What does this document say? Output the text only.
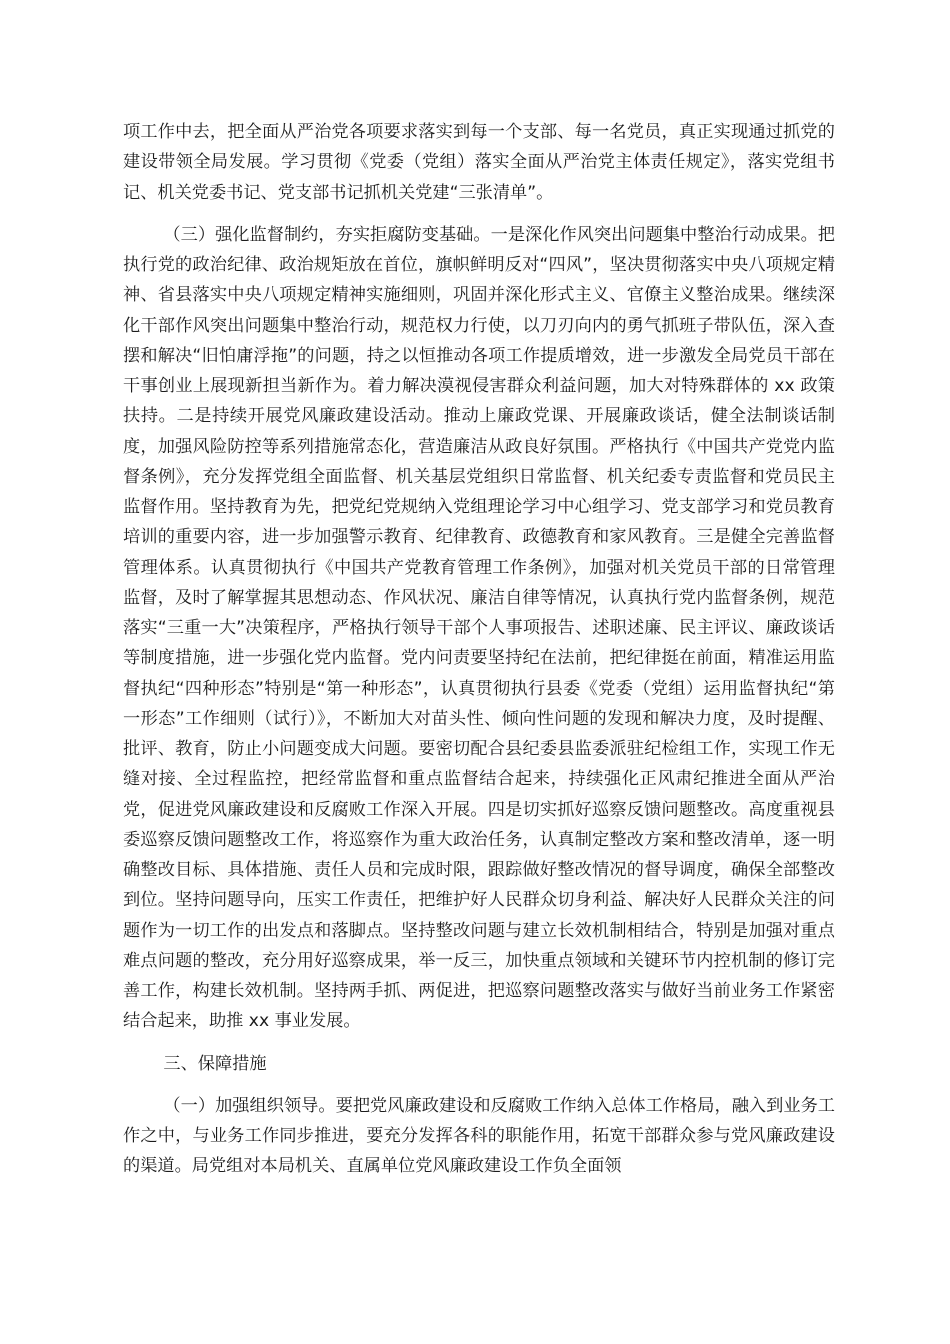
项工作中去，把全面从严治党各项要求落实到每一个支部、每一名党员，真正实现通过抓党的建设带领全局发展。学习贯彻《党委（党组）落实全面从严治党主体责任规定》，落实党组书记、机关党委书记、党支部书记抓机关党建“三张清单”。

（三）强化监督制约，夯实拒腐防变基础。一是深化作风突出问题集中整治行动成果。把执行党的政治纪律、政治规矩放在首位，旗帜鲜明反对“四风”，坚决贯彻落实中央八项规定精神、省县落实中央八项规定精神实施细则，巩固并深化形式主义、官僚主义整治成果。继续深化干部作风突出问题集中整治行动，规范权力行使，以刀刃向内的勇气抓班子带队伍，深入查摆和解决“旧怕庸浮拖”的问题，持之以恒推动各项工作提质增效，进一步激发全局党员干部在干事创业上展现新担当新作为。着力解决漠视侵害群众利益问题，加大对特殊群体的 xx 政策扶持。二是持续开展党风廉政建设活动。推动上廉政党课、开展廉政谈话，健全法制谈话制度，加强风险防控等系列措施常态化，营造廉洁从政良好氛围。严格执行《中国共产党党内监督条例》，充分发挥党组全面监督、机关基层党组织日常监督、机关纪委专责监督和党员民主监督作用。坚持教育为先，把党纪党规纳入党组理论学习中心组学习、党支部学习和党员教育培训的重要内容，进一步加强警示教育、纪律教育、政德教育和家风教育。三是健全完善监督管理体系。认真贯彻执行《中国共产党教育管理工作条例》，加强对机关党员干部的日常管理监督，及时了解掌握其思想动态、作风状况、廉洁自律等情况，认真执行党内监督条例，规范落实“三重一大”决策程序，严格执行领导干部个人事项报告、述职述廉、民主评议、廉政谈话等制度措施，进一步强化党内监督。党内问责要坚持纪在法前，把纪律挺在前面，精准运用监督执纪“四种形态”特别是“第一种形态”，认真贯彻执行县委《党委（党组）运用监督执纪“第一形态”工作细则（试行）》，不断加大对苗头性、倾向性问题的发现和解决力度，及时提醒、批评、教育，防止小问题变成大问题。要密切配合县纪委县监委派驻纪检组工作，实现工作无缝对接、全过程监控，把经常监督和重点监督结合起来，持续强化正风肃纪推进全面从严治党，促进党风廉政建设和反腐败工作深入开展。四是切实抓好巡察反馈问题整改。高度重视县委巡察反馈问题整改工作，将巡察作为重大政治任务，认真制定整改方案和整改清单，逐一明确整改目标、具体措施、责任人员和完成时限，跟踪做好整改情况的督导调度，确保全部整改到位。坚持问题导向，压实工作责任，把维护好人民群众切身利益、解决好人民群众关注的问题作为一切工作的出发点和落脚点。坚持整改问题与建立长效机制相结合，特别是加强对重点难点问题的整改，充分用好巡察成果，举一反三，加快重点领域和关键环节内控机制的修订完善工作，构建长效机制。坚持两手抓、两促进，把巡察问题整改落实与做好当前业务工作紧密结合起来，助推 xx 事业发展。

三、保障措施

（一）加强组织领导。要把党风廉政建设和反腐败工作纳入总体工作格局，融入到业务工作之中，与业务工作同步推进，要充分发挥各科的职能作用，拓宽干部群众参与党风廉政建设的渠道。局党组对本局机关、直属单位党风廉政建设工作负全面领
